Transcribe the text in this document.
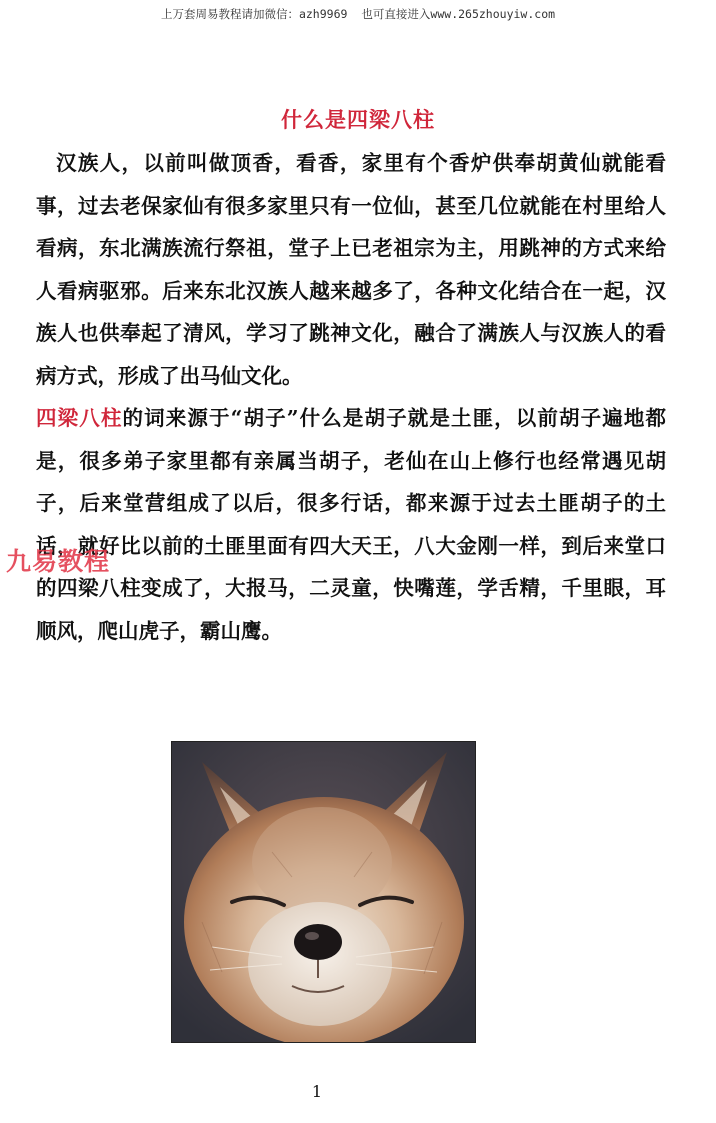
上万套周易教程请加微信：azh9969 也可直接进入www.265zhouyiw.com
什么是四梁八柱

汉族人，以前叫做顶香，看香，家里有个香炉供奉胡黄仙就能看事，过去老保家仙有很多家里只有一位仙，甚至几位就能在村里给人看病，东北满族流行祭祖，堂子上已老祖宗为主，用跳神的方式来给人看病驱邪。后来东北汉族人越来越多了，各种文化结合在一起，汉族人也供奉起了清风，学习了跳神文化，融合了满族人与汉族人的看病方式，形成了出马仙文化。

四梁八柱的词来源于“胡子”什么是胡子就是土匪，以前胡子遍地都是，很多弟子家里都有亲属当胡子，老仙在山上修行也经常遇见胡子，后来堂营组成了以后，很多行话，都来源于过去土匪胡子的土话，就好比以前的土匪里面有四大天王，八大金刚一样，到后来堂口的四梁八柱变成了，大报马，二灵童，快嘴莲，学舌精，千里眼，耳顺风，爬山虎子，霸山鹰。

九易教程
1
